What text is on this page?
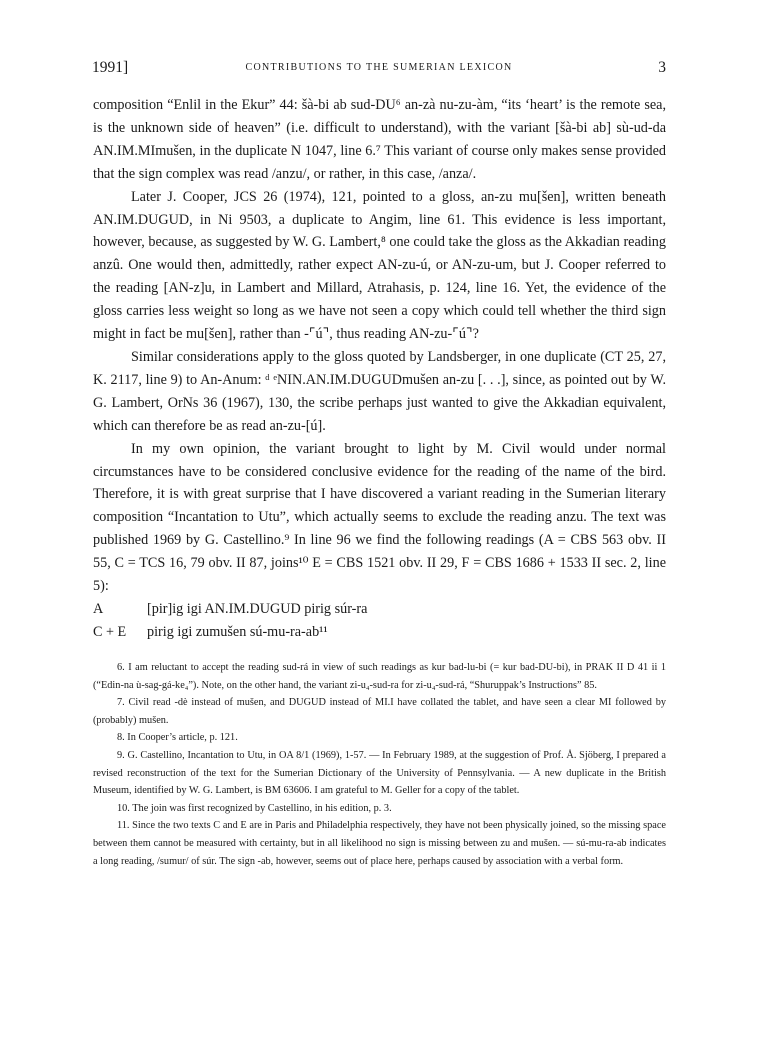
1991]	CONTRIBUTIONS TO THE SUMERIAN LEXICON	3

composition “Enlil in the Ekur” 44: šà-bi ab sud-DU⁶ an-zà nu-zu-àm, “its ‘heart’ is the remote sea, is the unknown side of heaven” (i.e. difficult to understand), with the variant [šà-bi ab] sù-ud-da AN.IM.MImušen, in the duplicate N 1047, line 6.⁷ This variant of course only makes sense provided that the sign complex was read /anzu/, or rather, in this case, /anza/.

Later J. Cooper, JCS 26 (1974), 121, pointed to a gloss, an-zu mu[šen], written beneath AN.IM.DUGUD, in Ni 9503, a duplicate to Angim, line 61. This evidence is less important, however, because, as suggested by W. G. Lambert,⁸ one could take the gloss as the Akkadian reading anzû. One would then, admittedly, rather expect AN-zu-ú, or AN-zu-um, but J. Cooper referred to the reading [AN-z]u, in Lambert and Millard, Atrahasis, p. 124, line 16. Yet, the evidence of the gloss carries less weight so long as we have not seen a copy which could tell whether the third sign might in fact be mu[šen], rather than -⌜ú⌝, thus reading AN-zu-⌜ú⌝?

Similar considerations apply to the gloss quoted by Landsberger, in one duplicate (CT 25, 27, K. 2117, line 9) to An-Anum: ᵈ ᵉNIN.AN.IM.DUGUDmušen an-zu [. . .], since, as pointed out by W. G. Lambert, OrNs 36 (1967), 130, the scribe perhaps just wanted to give the Akkadian equivalent, which can therefore be as read an-zu-[ú].

In my own opinion, the variant brought to light by M. Civil would under normal circumstances have to be considered conclusive evidence for the reading of the name of the bird. Therefore, it is with great surprise that I have discovered a variant reading in the Sumerian literary composition “Incantation to Utu”, which actually seems to exclude the reading anzu. The text was published 1969 by G. Castellino.⁹ In line 96 we find the following readings (A = CBS 563 obv. II 55, C = TCS 16, 79 obv. II 87, joins¹⁰ E = CBS 1521 obv. II 29, F = CBS 1686 + 1533 II sec. 2, line 5):

A	[pir]ig igi AN.IM.DUGUD pirig súr-ra
C + E	pirig igi zumušen sú-mu-ra-ab¹¹

6. I am reluctant to accept the reading sud-rá in view of such readings as kur bad-lu-bi (= kur bad-DU-bi), in PRAK II D 41 ii 1 (“Edin-na ù-sag-gá-ke₄”). Note, on the other hand, the variant zi-u₄-sud-ra for zi-u₄-sud-rá, “Shuruppak’s Instructions” 85.

7. Civil read -dè instead of mušen, and DUGUD instead of MI.I have collated the tablet, and have seen a clear MI followed by (probably) mušen.

8. In Cooper’s article, p. 121.

9. G. Castellino, Incantation to Utu, in OA 8/1 (1969), 1-57. — In February 1989, at the suggestion of Prof. Å. Sjöberg, I prepared a revised reconstruction of the text for the Sumerian Dictionary of the University of Pennsylvania. — A new duplicate in the British Museum, identified by W. G. Lambert, is BM 63606. I am grateful to M. Geller for a copy of the tablet.

10. The join was first recognized by Castellino, in his edition, p. 3.

11. Since the two texts C and E are in Paris and Philadelphia respectively, they have not been physically joined, so the missing space between them cannot be measured with certainty, but in all likelihood no sign is missing between zu and mušen. — sú-mu-ra-ab indicates a long reading, /sumur/ of súr. The sign -ab, however, seems out of place here, perhaps caused by association with a verbal form.
